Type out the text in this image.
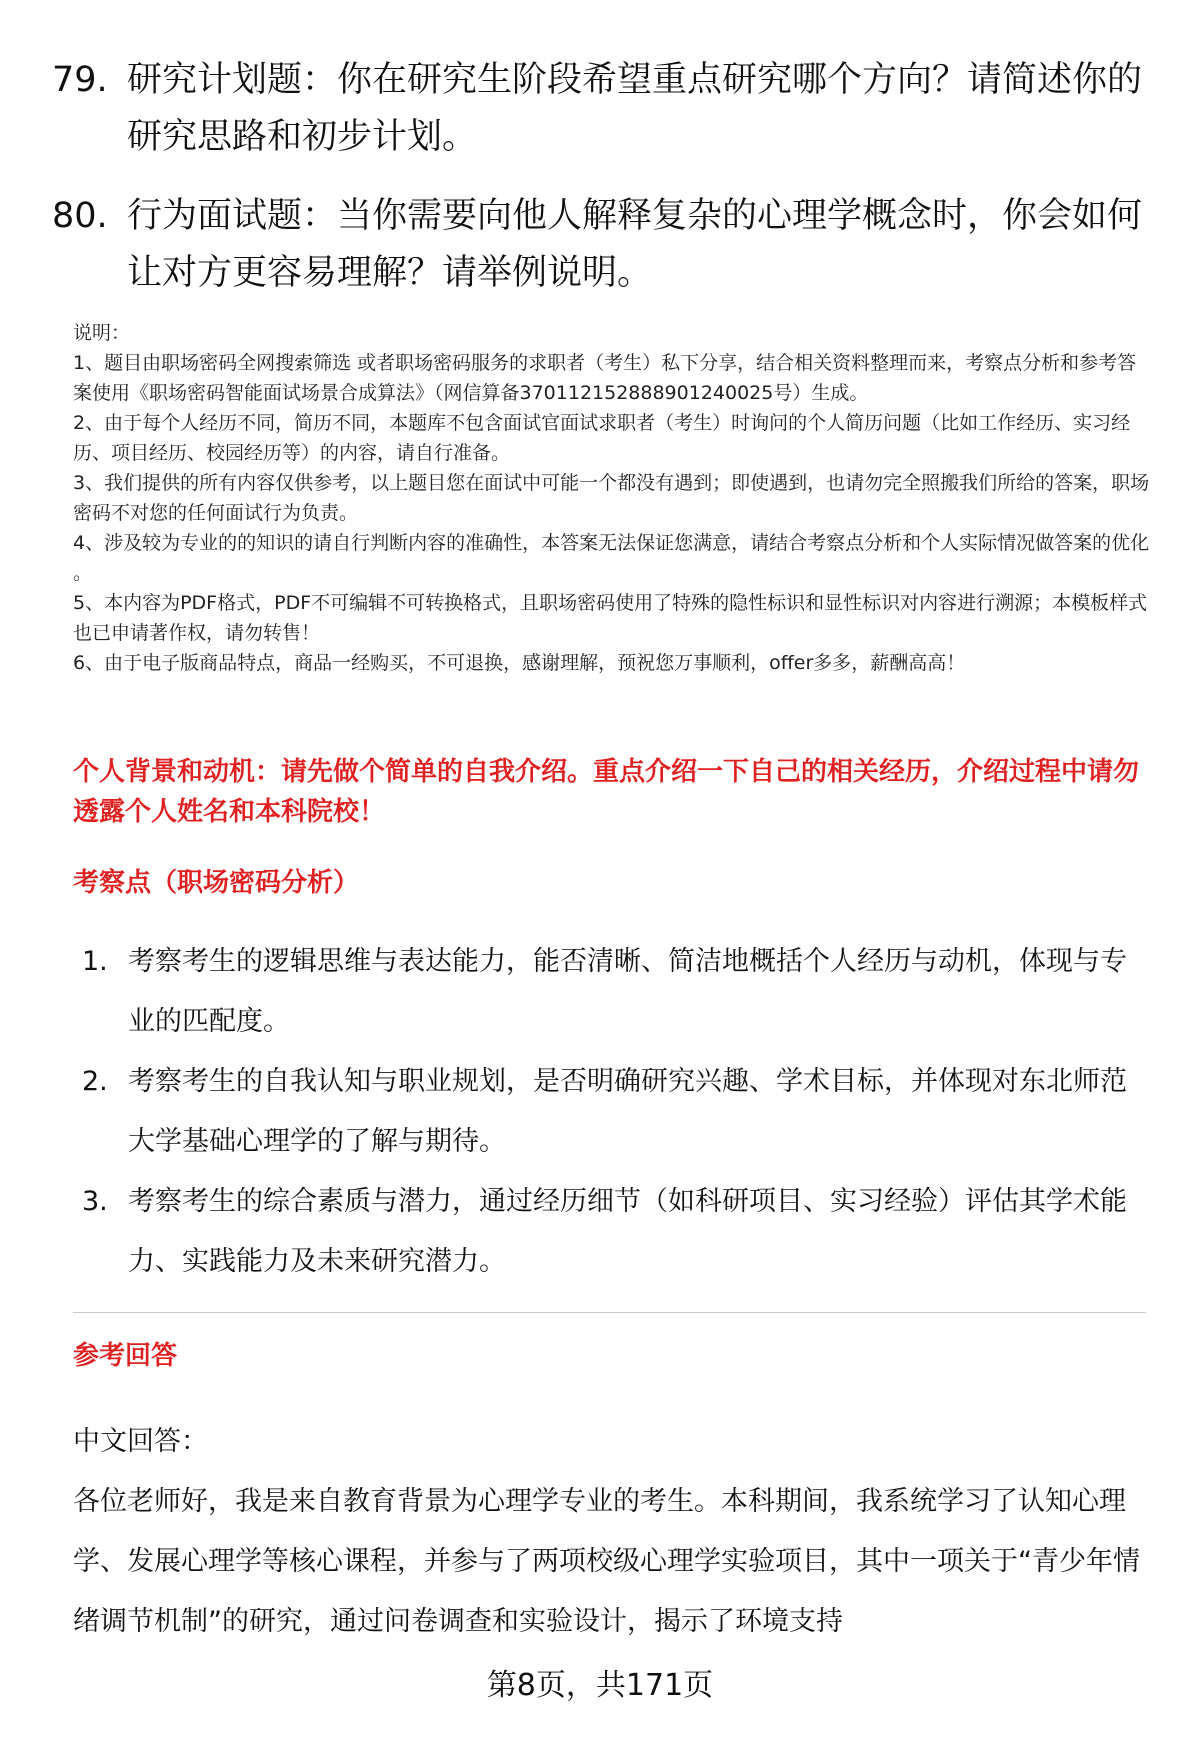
79. 研究计划题：你在研究生阶段希望重点研究哪个方向？请简述你的研究思路和初步计划。
80. 行为面试题：当你需要向他人解释复杂的心理学概念时，你会如何让对方更容易理解？请举例说明。
说明：
1、题目由职场密码全网搜索筛选 或者职场密码服务的求职者（考生）私下分享，结合相关资料整理而来，考察点分析和参考答案使用《职场密码智能面试场景合成算法》（网信算备370112152888901240025号）生成。
2、由于每个人经历不同，简历不同，本题库不包含面试官面试求职者（考生）时询问的个人简历问题（比如工作经历、实习经历、项目经历、校园经历等）的内容，请自行准备。
3、我们提供的所有内容仅供参考，以上题目您在面试中可能一个都没有遇到；即使遇到，也请勿完全照搬我们所给的答案，职场密码不对您的任何面试行为负责。
4、涉及较为专业的的知识的请自行判断内容的准确性，本答案无法保证您满意，请结合考察点分析和个人实际情况做答案的优化 。
5、本内容为PDF格式，PDF不可编辑不可转换格式，且职场密码使用了特殊的隐性标识和显性标识对内容进行溯源；本模板样式也已申请著作权，请勿转售！
6、由于电子版商品特点，商品一经购买，不可退换，感谢理解，预祝您万事顺利，offer多多，薪酬高高！
个人背景和动机：请先做个简单的自我介绍。重点介绍一下自己的相关经历，介绍过程中请勿透露个人姓名和本科院校！
考察点（职场密码分析）
1. 考察考生的逻辑思维与表达能力，能否清晰、简洁地概括个人经历与动机，体现与专业的匹配度。
2. 考察考生的自我认知与职业规划，是否明确研究兴趣、学术目标，并体现对东北师范大学基础心理学的了解与期待。
3. 考察考生的综合素质与潜力，通过经历细节（如科研项目、实习经验）评估其学术能力、实践能力及未来研究潜力。
参考回答
中文回答：
各位老师好，我是来自教育背景为心理学专业的考生。本科期间，我系统学习了认知心理学、发展心理学等核心课程，并参与了两项校级心理学实验项目，其中一项关于“青少年情绪调节机制”的研究，通过问卷调查和实验设计，揭示了环境支持
第8页，共171页
